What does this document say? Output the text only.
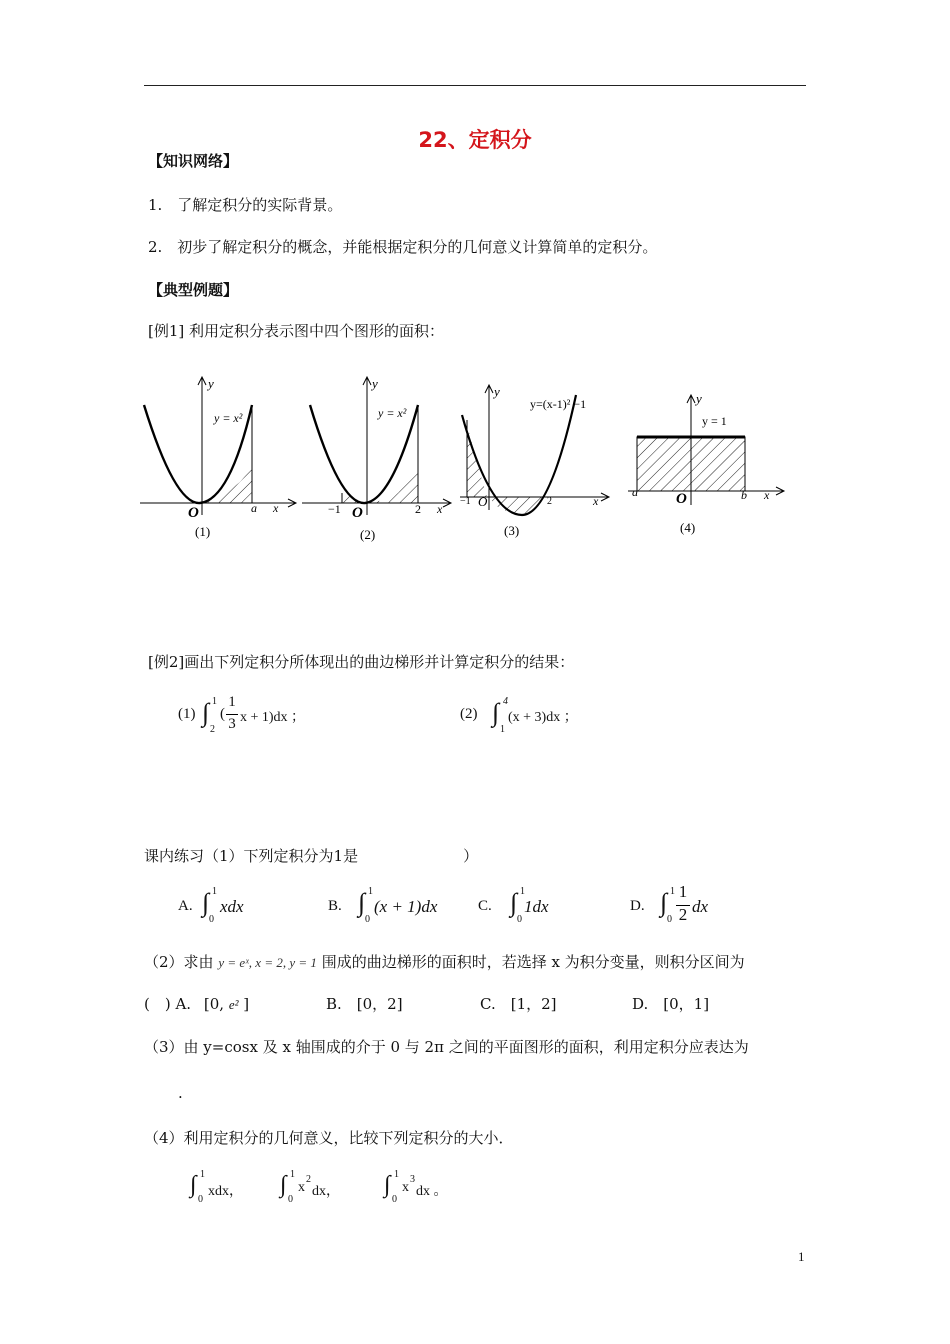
22、定积分
【知识网络】
1.　了解定积分的实际背景。
2.　初步了解定积分的概念，并能根据定积分的几何意义计算简单的定积分。
【典型例题】
[例1] 利用定积分表示图中四个图形的面积：
y
y = x²
O	a x
(1)
y
y = x²
O
−1	2 x
(2)
y
y=(x-1)² −1
O
−1	2	x
(3)
y
y = 1
O
a	b x
(4)
[例2]画出下列定积分所体现出的曲边梯形并计算定积分的结果：
(1) ∫ 1
2
(
1
3 x + 1)dx ；	(2) ∫ 4
1
(x + 3)dx ；
课内练习（1）下列定积分为1是　　　　　　　）
A. ∫ 1
0
xdx	B. ∫ 1
0
(x + 1)dx	C. ∫ 1
0
1dx	D. ∫ 1
0
1
2 dx
（2）求由 y = eˣ, x = 2, y = 1 围成的曲边梯形的面积时，若选择 x 为积分变量，则积分区间为
(　) A. [0, e² ]	B.　[0，2]	C.　[1，2]	D.　[0，1]
（3）由 y=cosx 及 x 轴围成的介于 0 与 2π 之间的平面图形的面积，利用定积分应表达为
.
（4）利用定积分的几何意义，比较下列定积分的大小．
∫ 1
0
xdx， ∫ 1
0
x
2
dx， ∫ 1
0
x
3
dx 。
1
